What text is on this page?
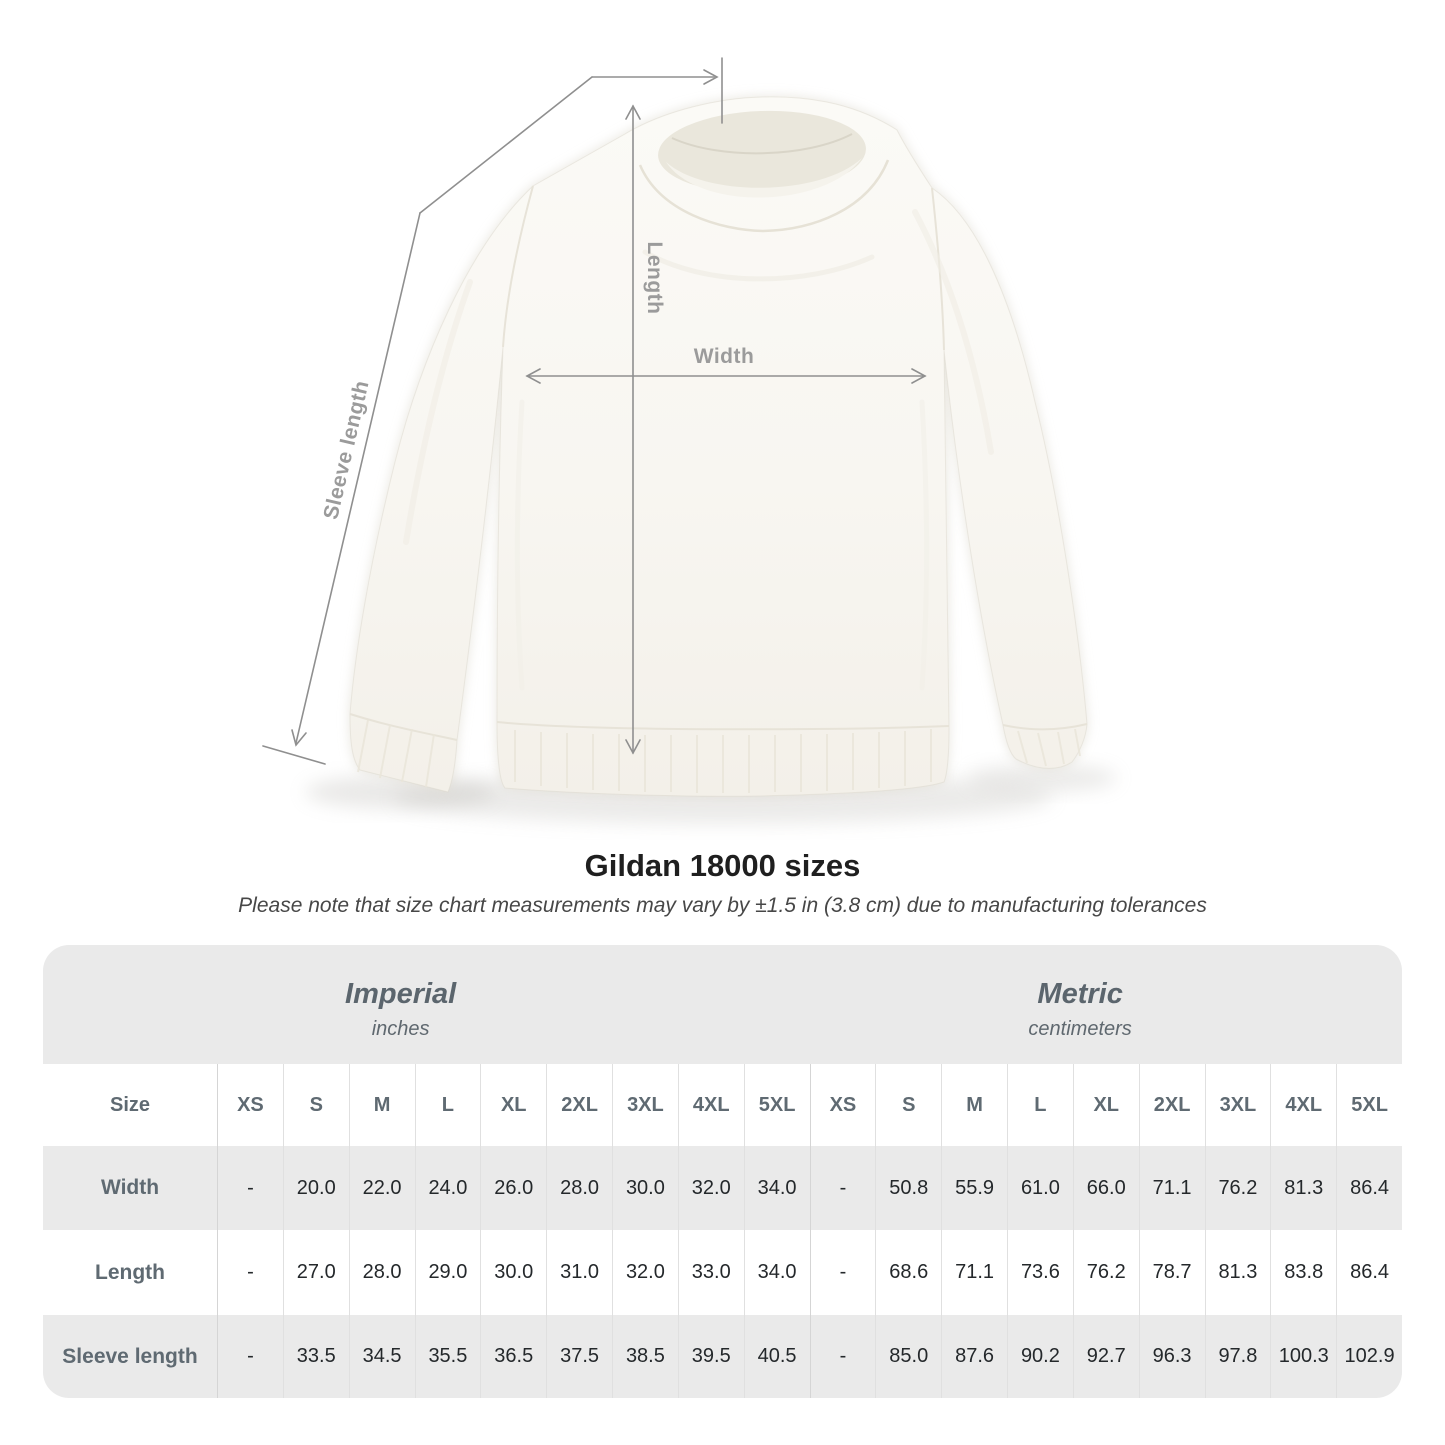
Length
Width
Sleeve length
Gildan 18000 sizes
Please note that size chart measurements may vary by ±1.5 in (3.8 cm) due to manufacturing tolerances
Imperial
inches
Metric
centimeters
Size	XS	S	M	L	XL	2XL	3XL	4XL	5XL	XS	S	M	L	XL	2XL	3XL	4XL	5XL
Width	-	20.0	22.0	24.0	26.0	28.0	30.0	32.0	34.0	-	50.8	55.9	61.0	66.0	71.1	76.2	81.3	86.4
Length	-	27.0	28.0	29.0	30.0	31.0	32.0	33.0	34.0	-	68.6	71.1	73.6	76.2	78.7	81.3	83.8	86.4
Sleeve length	-	33.5	34.5	35.5	36.5	37.5	38.5	39.5	40.5	-	85.0	87.6	90.2	92.7	96.3	97.8	100.3 102.9
